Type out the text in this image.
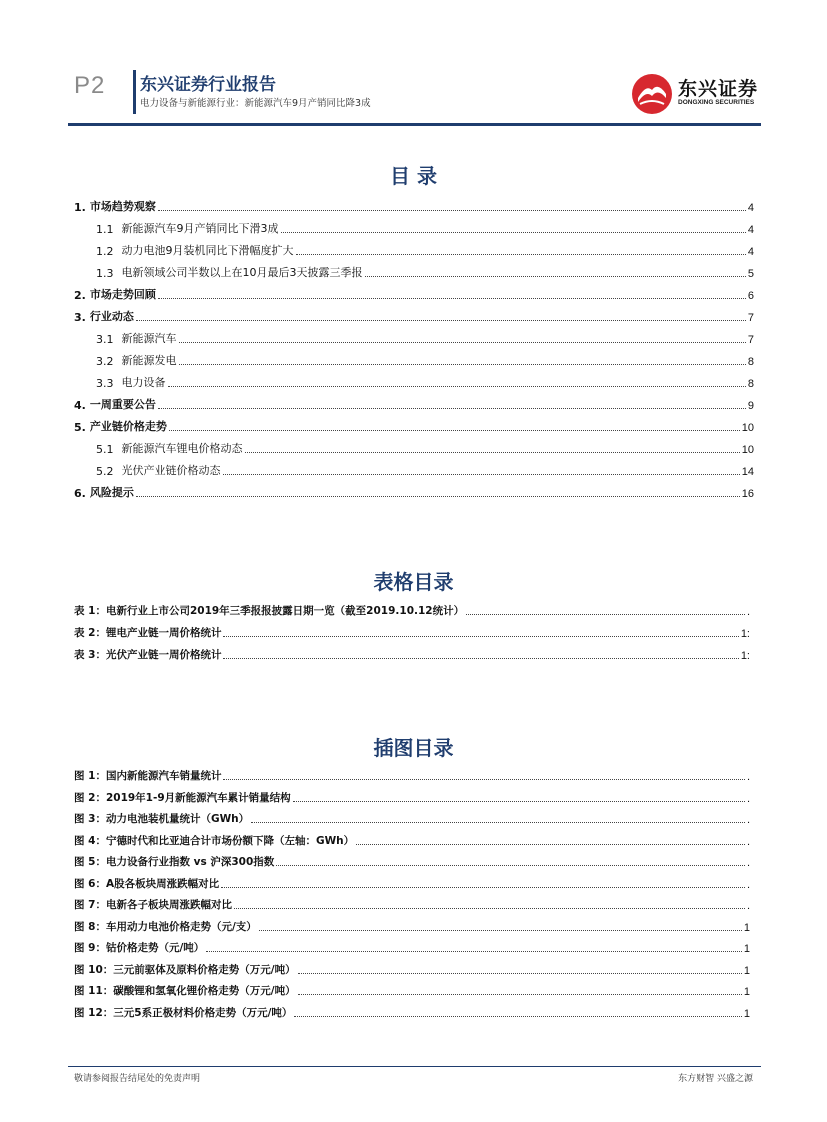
P2 东兴证券行业报告
电力设备与新能源行业：新能源汽车9月产销同比降3成
东兴证券
DONGXING SECURITIES
目 录
1. 市场趋势观察	4
1.1 新能源汽车9月产销同比下滑3成	4
1.2 动力电池9月装机同比下滑幅度扩大	4
1.3 电新领域公司半数以上在10月最后3天披露三季报	5
2. 市场走势回顾	6
3. 行业动态	7
3.1 新能源汽车	7
3.2 新能源发电	8
3.3 电力设备	8
4. 一周重要公告	9
5. 产业链价格走势	10
5.1 新能源汽车锂电价格动态	10
5.2 光伏产业链价格动态	14
6. 风险提示	16
表格目录
表 1：电新行业上市公司2019年三季报报披露日期一览（截至2019.10.12统计）	.
表 2：锂电产业链一周价格统计	1:
表 3：光伏产业链一周价格统计	1:
插图目录
图 1：国内新能源汽车销量统计	.
图 2：2019年1-9月新能源汽车累计销量结构	.
图 3：动力电池装机量统计（GWh）	.
图 4：宁德时代和比亚迪合计市场份额下降（左轴：GWh）	.
图 5：电力设备行业指数 vs 沪深300指数	.
图 6：A股各板块周涨跌幅对比	.
图 7：电新各子板块周涨跌幅对比	.
图 8：车用动力电池价格走势（元/支）	1
图 9：钴价格走势（元/吨）	1
图 10：三元前驱体及原料价格走势（万元/吨）	1
图 11：碳酸锂和氢氧化锂价格走势（万元/吨）	1
图 12：三元5系正极材料价格走势（万元/吨）	1
敬请参阅报告结尾处的免责声明	东方财智 兴盛之源
